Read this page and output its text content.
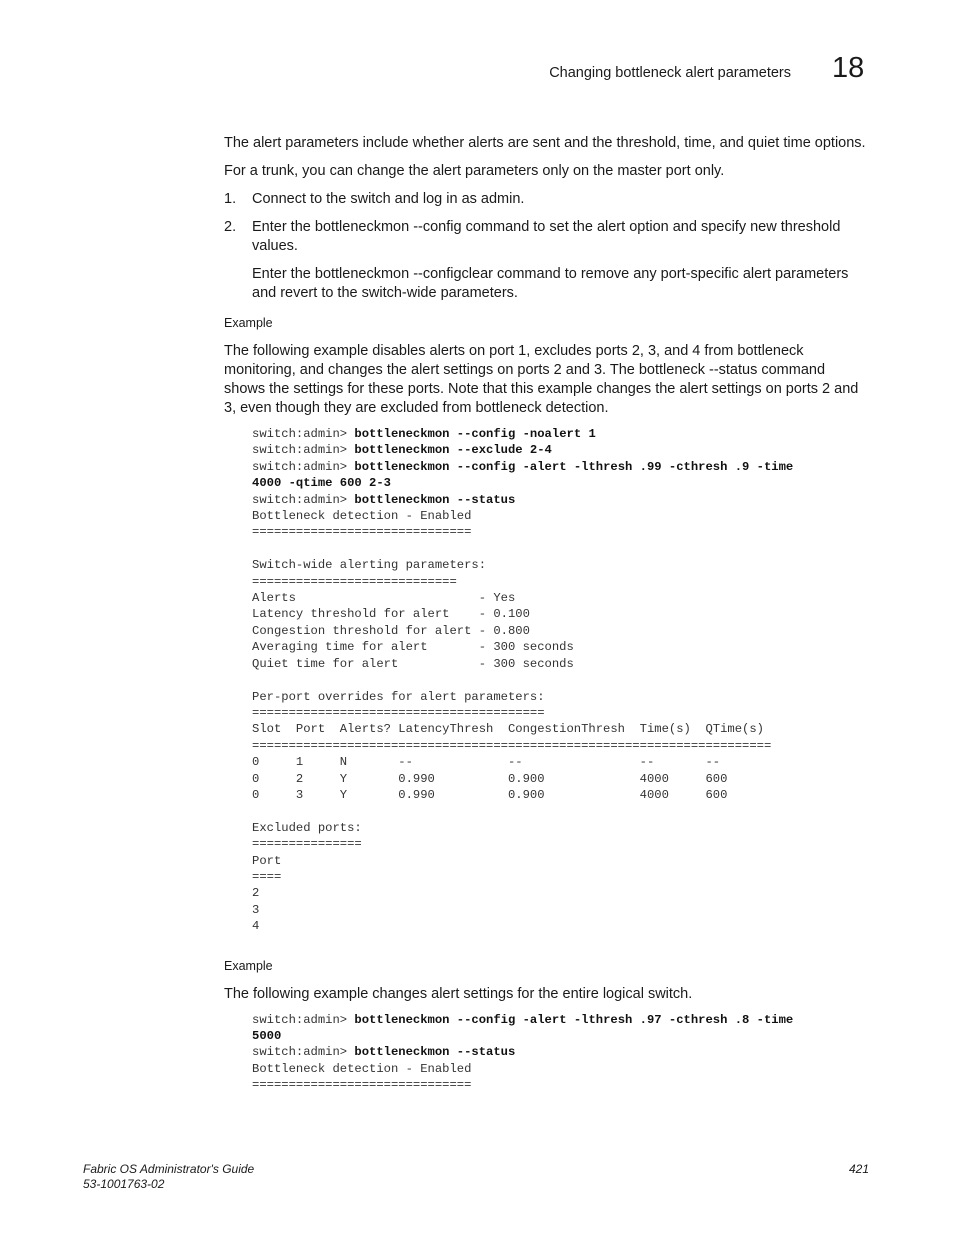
Changing bottleneck alert parameters 18

The alert parameters include whether alerts are sent and the threshold, time, and quiet time options.

For a trunk, you can change the alert parameters only on the master port only.

1. Connect to the switch and log in as admin.
2. Enter the bottleneckmon --config command to set the alert option and specify new threshold values.
Enter the bottleneckmon --configclear command to remove any port-specific alert parameters and revert to the switch-wide parameters.
Example

The following example disables alerts on port 1, excludes ports 2, 3, and 4 from bottleneck monitoring, and changes the alert settings on ports 2 and 3. The bottleneck --status command shows the settings for these ports. Note that this example changes the alert settings on ports 2 and 3, even though they are excluded from bottleneck detection.

switch:admin> bottleneckmon --config -noalert 1
switch:admin> bottleneckmon --exclude 2-4
switch:admin> bottleneckmon --config -alert -lthresh .99 -cthresh .9 -time
4000 -qtime 600 2-3
switch:admin> bottleneckmon --status
Bottleneck detection - Enabled
==============================

Switch-wide alerting parameters:
============================
Alerts                         - Yes
Latency threshold for alert    - 0.100
Congestion threshold for alert - 0.800
Averaging time for alert       - 300 seconds
Quiet time for alert           - 300 seconds

Per-port overrides for alert parameters:
========================================
Slot  Port  Alerts? LatencyThresh  CongestionThresh  Time(s)  QTime(s)
=======================================================================
0     1     N       --             --                --       --
0     2     Y       0.990          0.900             4000     600
0     3     Y       0.990          0.900             4000     600

Excluded ports:
===============
Port
====
2
3
4
Example

The following example changes alert settings for the entire logical switch.

switch:admin> bottleneckmon --config -alert -lthresh .97 -cthresh .8 -time
5000
switch:admin> bottleneckmon --status
Bottleneck detection - Enabled
==============================
Fabric OS Administrator's Guide
53-1001763-02
421
